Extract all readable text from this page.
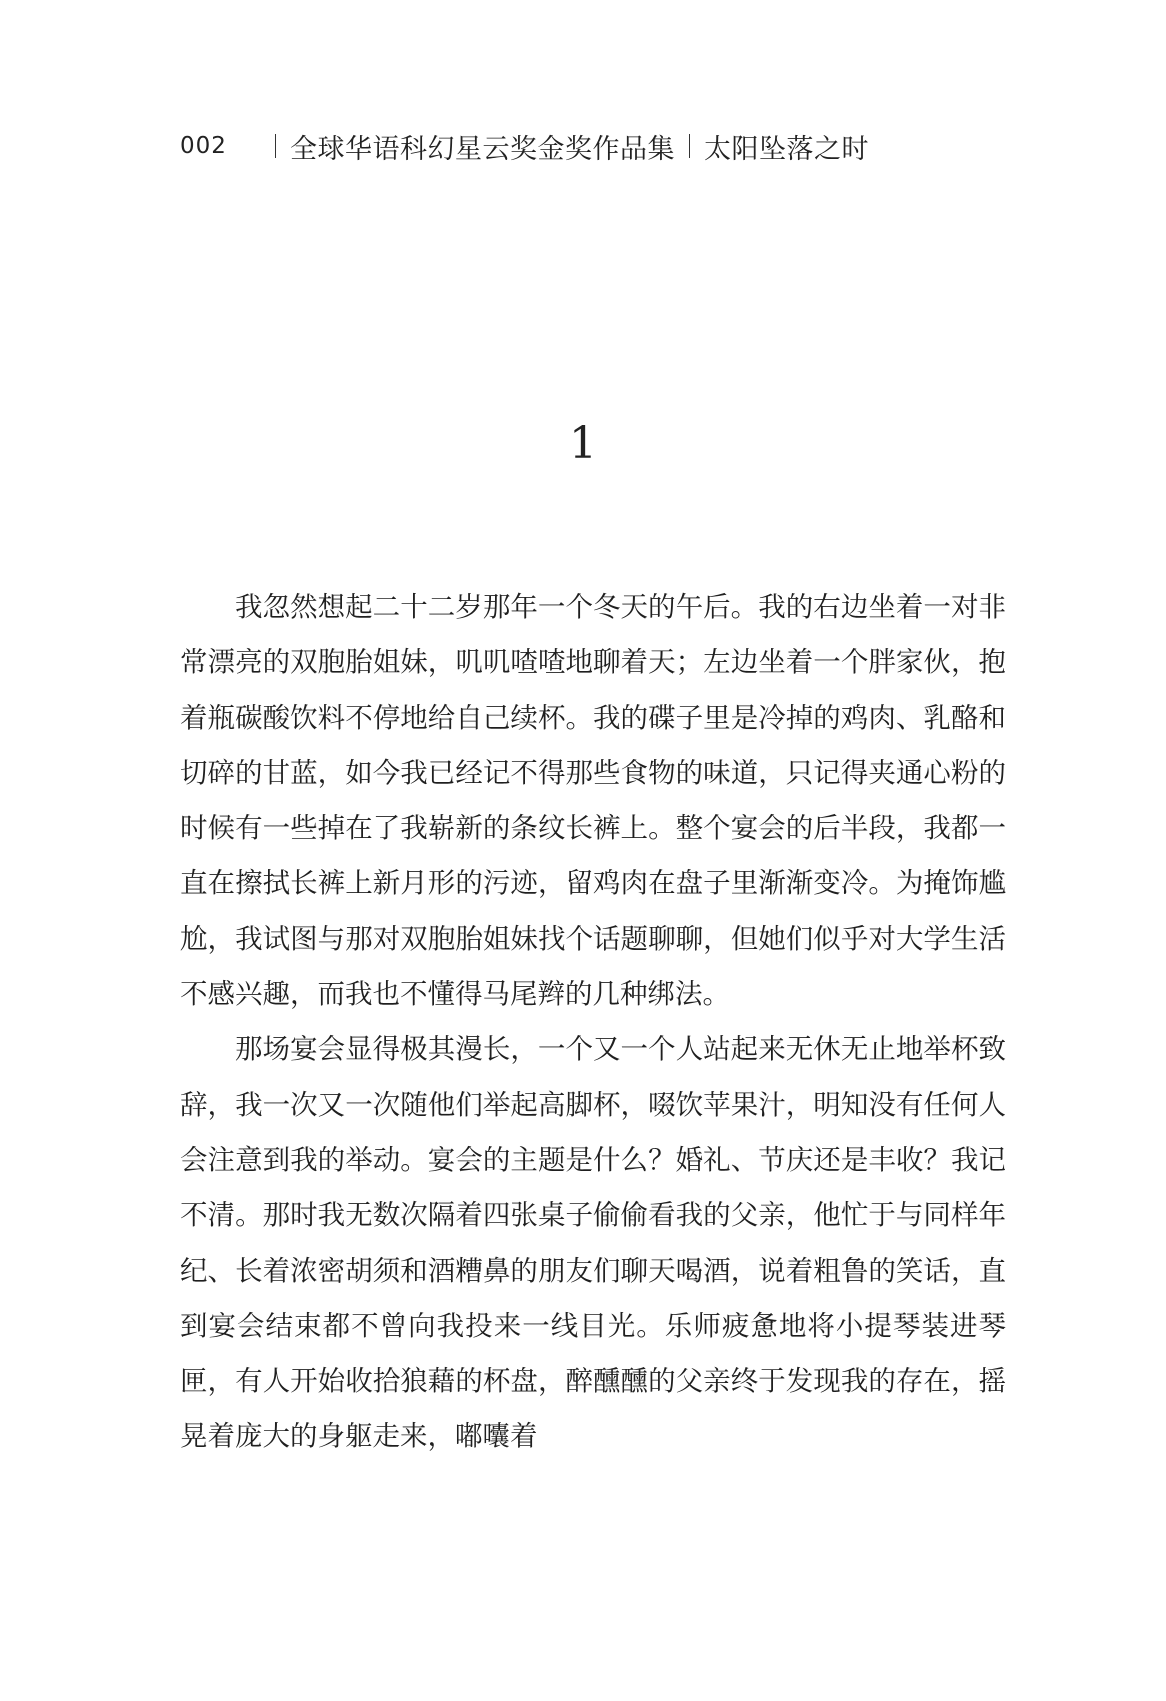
002	全球华语科幻星云奖金奖作品集 太阳坠落之时
1

我忽然想起二十二岁那年一个冬天的午后。我的右边坐着一对非常漂亮的双胞胎姐妹，叽叽喳喳地聊着天；左边坐着一个胖家伙，抱着瓶碳酸饮料不停地给自己续杯。我的碟子里是冷掉的鸡肉、乳酪和切碎的甘蓝，如今我已经记不得那些食物的味道，只记得夹通心粉的时候有一些掉在了我崭新的条纹长裤上。整个宴会的后半段，我都一直在擦拭长裤上新月形的污迹，留鸡肉在盘子里渐渐变冷。为掩饰尴尬，我试图与那对双胞胎姐妹找个话题聊聊，但她们似乎对大学生活不感兴趣，而我也不懂得马尾辫的几种绑法。

那场宴会显得极其漫长，一个又一个人站起来无休无止地举杯致辞，我一次又一次随他们举起高脚杯，啜饮苹果汁，明知没有任何人会注意到我的举动。宴会的主题是什么？婚礼、节庆还是丰收？我记不清。那时我无数次隔着四张桌子偷偷看我的父亲，他忙于与同样年纪、长着浓密胡须和酒糟鼻的朋友们聊天喝酒，说着粗鲁的笑话，直到宴会结束都不曾向我投来一线目光。乐师疲惫地将小提琴装进琴匣，有人开始收拾狼藉的杯盘，醉醺醺的父亲终于发现我的存在，摇晃着庞大的身躯走来，嘟囔着
